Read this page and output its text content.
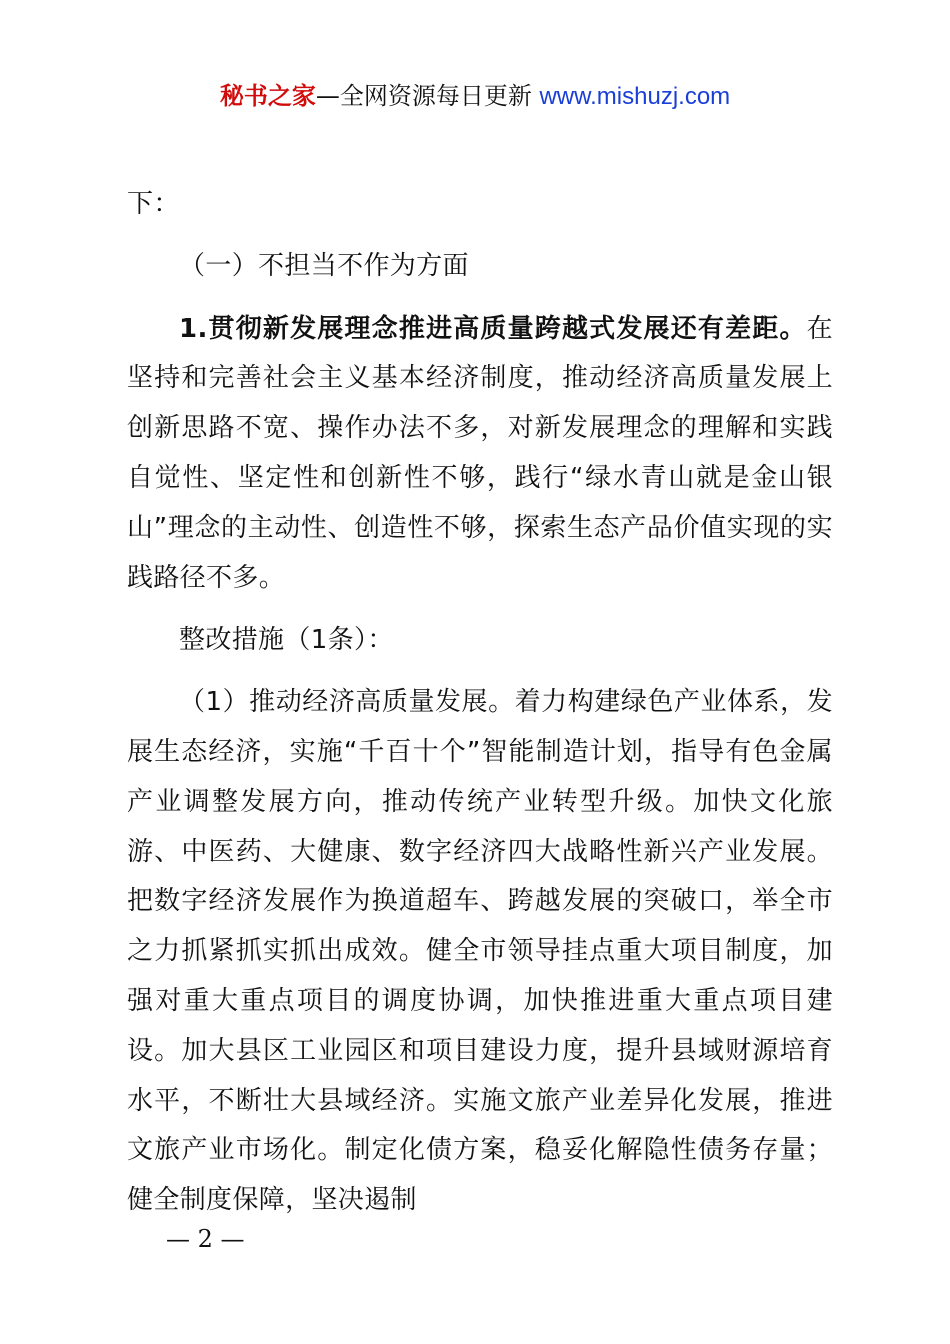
秘书之家—全网资源每日更新 www.mishuzj.com

下：

（一）不担当不作为方面

1.贯彻新发展理念推进高质量跨越式发展还有差距。在坚持和完善社会主义基本经济制度，推动经济高质量发展上创新思路不宽、操作办法不多，对新发展理念的理解和实践自觉性、坚定性和创新性不够，践行“绿水青山就是金山银山”理念的主动性、创造性不够，探索生态产品价值实现的实践路径不多。

整改措施（1条）：

（1）推动经济高质量发展。着力构建绿色产业体系，发展生态经济，实施“千百十个”智能制造计划，指导有色金属产业调整发展方向，推动传统产业转型升级。加快文化旅游、中医药、大健康、数字经济四大战略性新兴产业发展。把数字经济发展作为换道超车、跨越发展的突破口，举全市之力抓紧抓实抓出成效。健全市领导挂点重大项目制度，加强对重大重点项目的调度协调，加快推进重大重点项目建设。加大县区工业园区和项目建设力度，提升县域财源培育水平，不断壮大县域经济。实施文旅产业差异化发展，推进文旅产业市场化。制定化债方案，稳妥化解隐性债务存量；健全制度保障，坚决遏制

— 2 —
